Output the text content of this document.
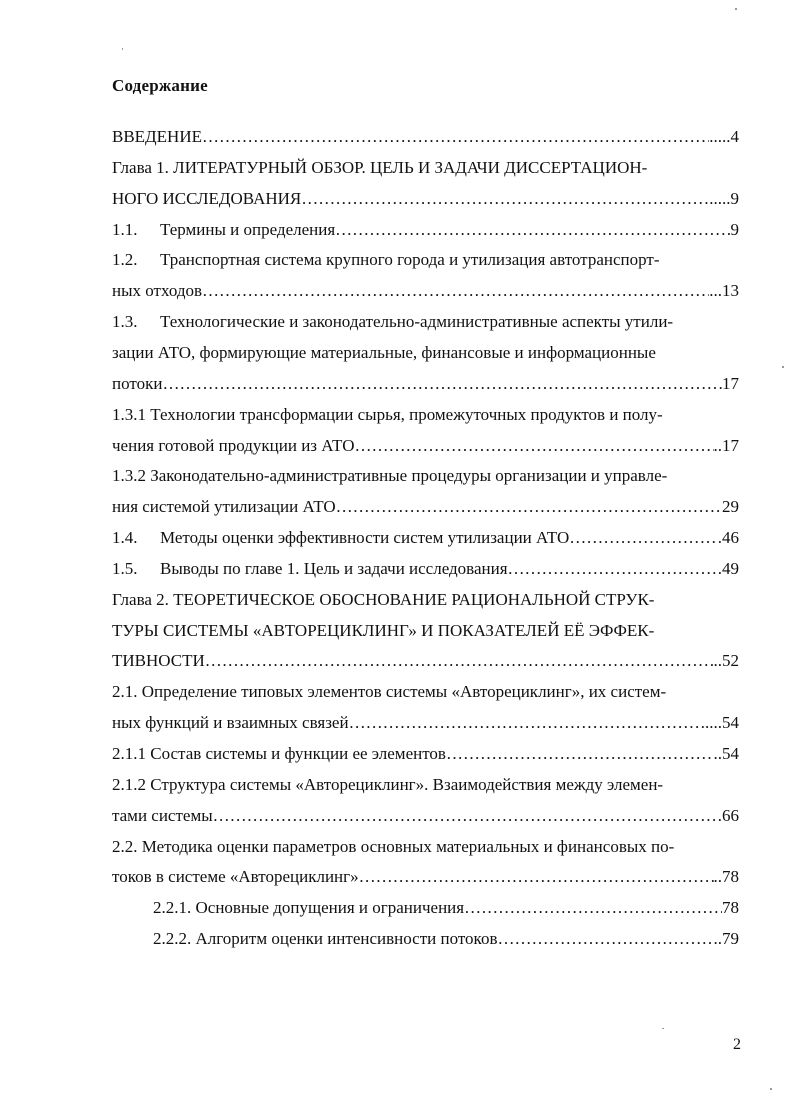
Содержание
ВВЕДЕНИЕ …………………………………………………………………………………………………………………………………………………………………………………………………	.....4
Глава 1. ЛИТЕРАТУРНЫЙ ОБЗОР. ЦЕЛЬ И ЗАДАЧИ ДИССЕРТАЦИОН-
НОГО ИССЛЕДОВАНИЯ …………………………………………………………………………………………………………………………………………………………………………………………………	.....9
1.1. Термины и определения …………………………………………………………………………………………………………………………………………………………………………………………………	9
1.2. Транспортная система крупного города и утилизация автотранспорт-
ных отходов …………………………………………………………………………………………………………………………………………………………………………………………………	...13
1.3. Технологические и законодательно-административные аспекты утили-
зации АТО, формирующие материальные, финансовые и информационные
потоки …………………………………………………………………………………………………………………………………………………………………………………………………	17
1.3.1 Технологии трансформации сырья, промежуточных продуктов и полу-
чения готовой продукции из АТО …………………………………………………………………………………………………………………………………………………………………………………………………	..17
1.3.2 Законодательно-административные процедуры организации и управле-
ния системой утилизации АТО …………………………………………………………………………………………………………………………………………………………………………………………………	29
1.4. Методы оценки эффективности систем утилизации АТО …………………………………………………………………………………………………………………………………………………………………………………………………	.46
1.5. Выводы по главе 1. Цель и задачи исследования …………………………………………………………………………………………………………………………………………………………………………………………………	.49
Глава 2. ТЕОРЕТИЧЕСКОЕ ОБОСНОВАНИЕ РАЦИОНАЛЬНОЙ СТРУК-
ТУРЫ СИСТЕМЫ «АВТОРЕЦИКЛИНГ» И ПОКАЗАТЕЛЕЙ ЕЁ ЭФФЕК-
ТИВНОСТИ …………………………………………………………………………………………………………………………………………………………………………………………………	..52
2.1. Определение типовых элементов системы «Авторециклинг», их систем-
ных функций и взаимных связей …………………………………………………………………………………………………………………………………………………………………………………………………	....54
2.1.1 Состав системы и функции ее элементов …………………………………………………………………………………………………………………………………………………………………………………………………	..54
2.1.2 Структура системы «Авторециклинг». Взаимодействия между элемен-
тами системы …………………………………………………………………………………………………………………………………………………………………………………………………	66
2.2. Методика оценки параметров основных материальных и финансовых по-
токов в системе «Авторециклинг» …………………………………………………………………………………………………………………………………………………………………………………………………	..78
2.2.1. Основные допущения и ограничения …………………………………………………………………………………………………………………………………………………………………………………………………	78
2.2.2. Алгоритм оценки интенсивности потоков …………………………………………………………………………………………………………………………………………………………………………………………………	..79
2
